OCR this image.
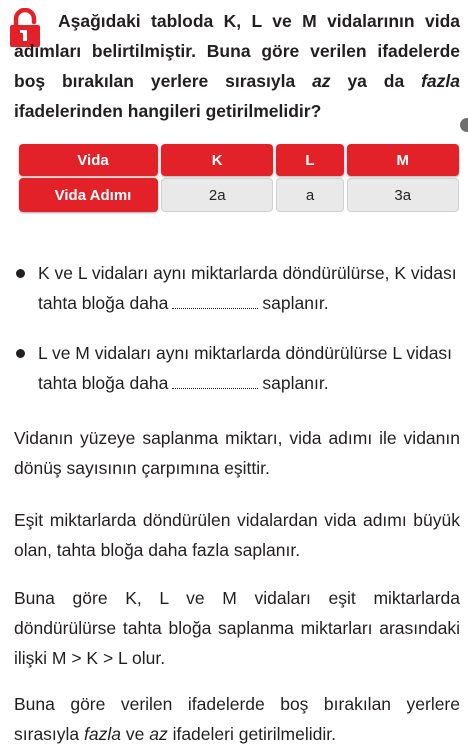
Aşağıdaki tabloda K, L ve M vidalarının vida adımları belirtilmiştir. Buna göre verilen ifadelerde boş bırakılan yerlere sırasıyla az ya da fazla ifadelerinden hangileri getirilmelidir?
Vida	K	L	M
Vida Adımı	2a	a	3a
K ve L vidaları aynı miktarlarda döndürülürse, K vidası tahta bloğa daha	saplanır.
L ve M vidaları aynı miktarlarda döndürülürse L vidası tahta bloğa daha	saplanır.
Vidanın yüzeye saplanma miktarı, vida adımı ile vidanın dönüş sayısının çarpımına eşittir.
Eşit miktarlarda döndürülen vidalardan vida adımı büyük olan, tahta bloğa daha fazla saplanır.
Buna göre K, L ve M vidaları eşit miktarlarda döndürülürse tahta bloğa saplanma miktarları arasındaki ilişki M > K > L olur.
Buna göre verilen ifadelerde boş bırakılan yerlere sırasıyla fazla ve az ifadeleri getirilmelidir.
